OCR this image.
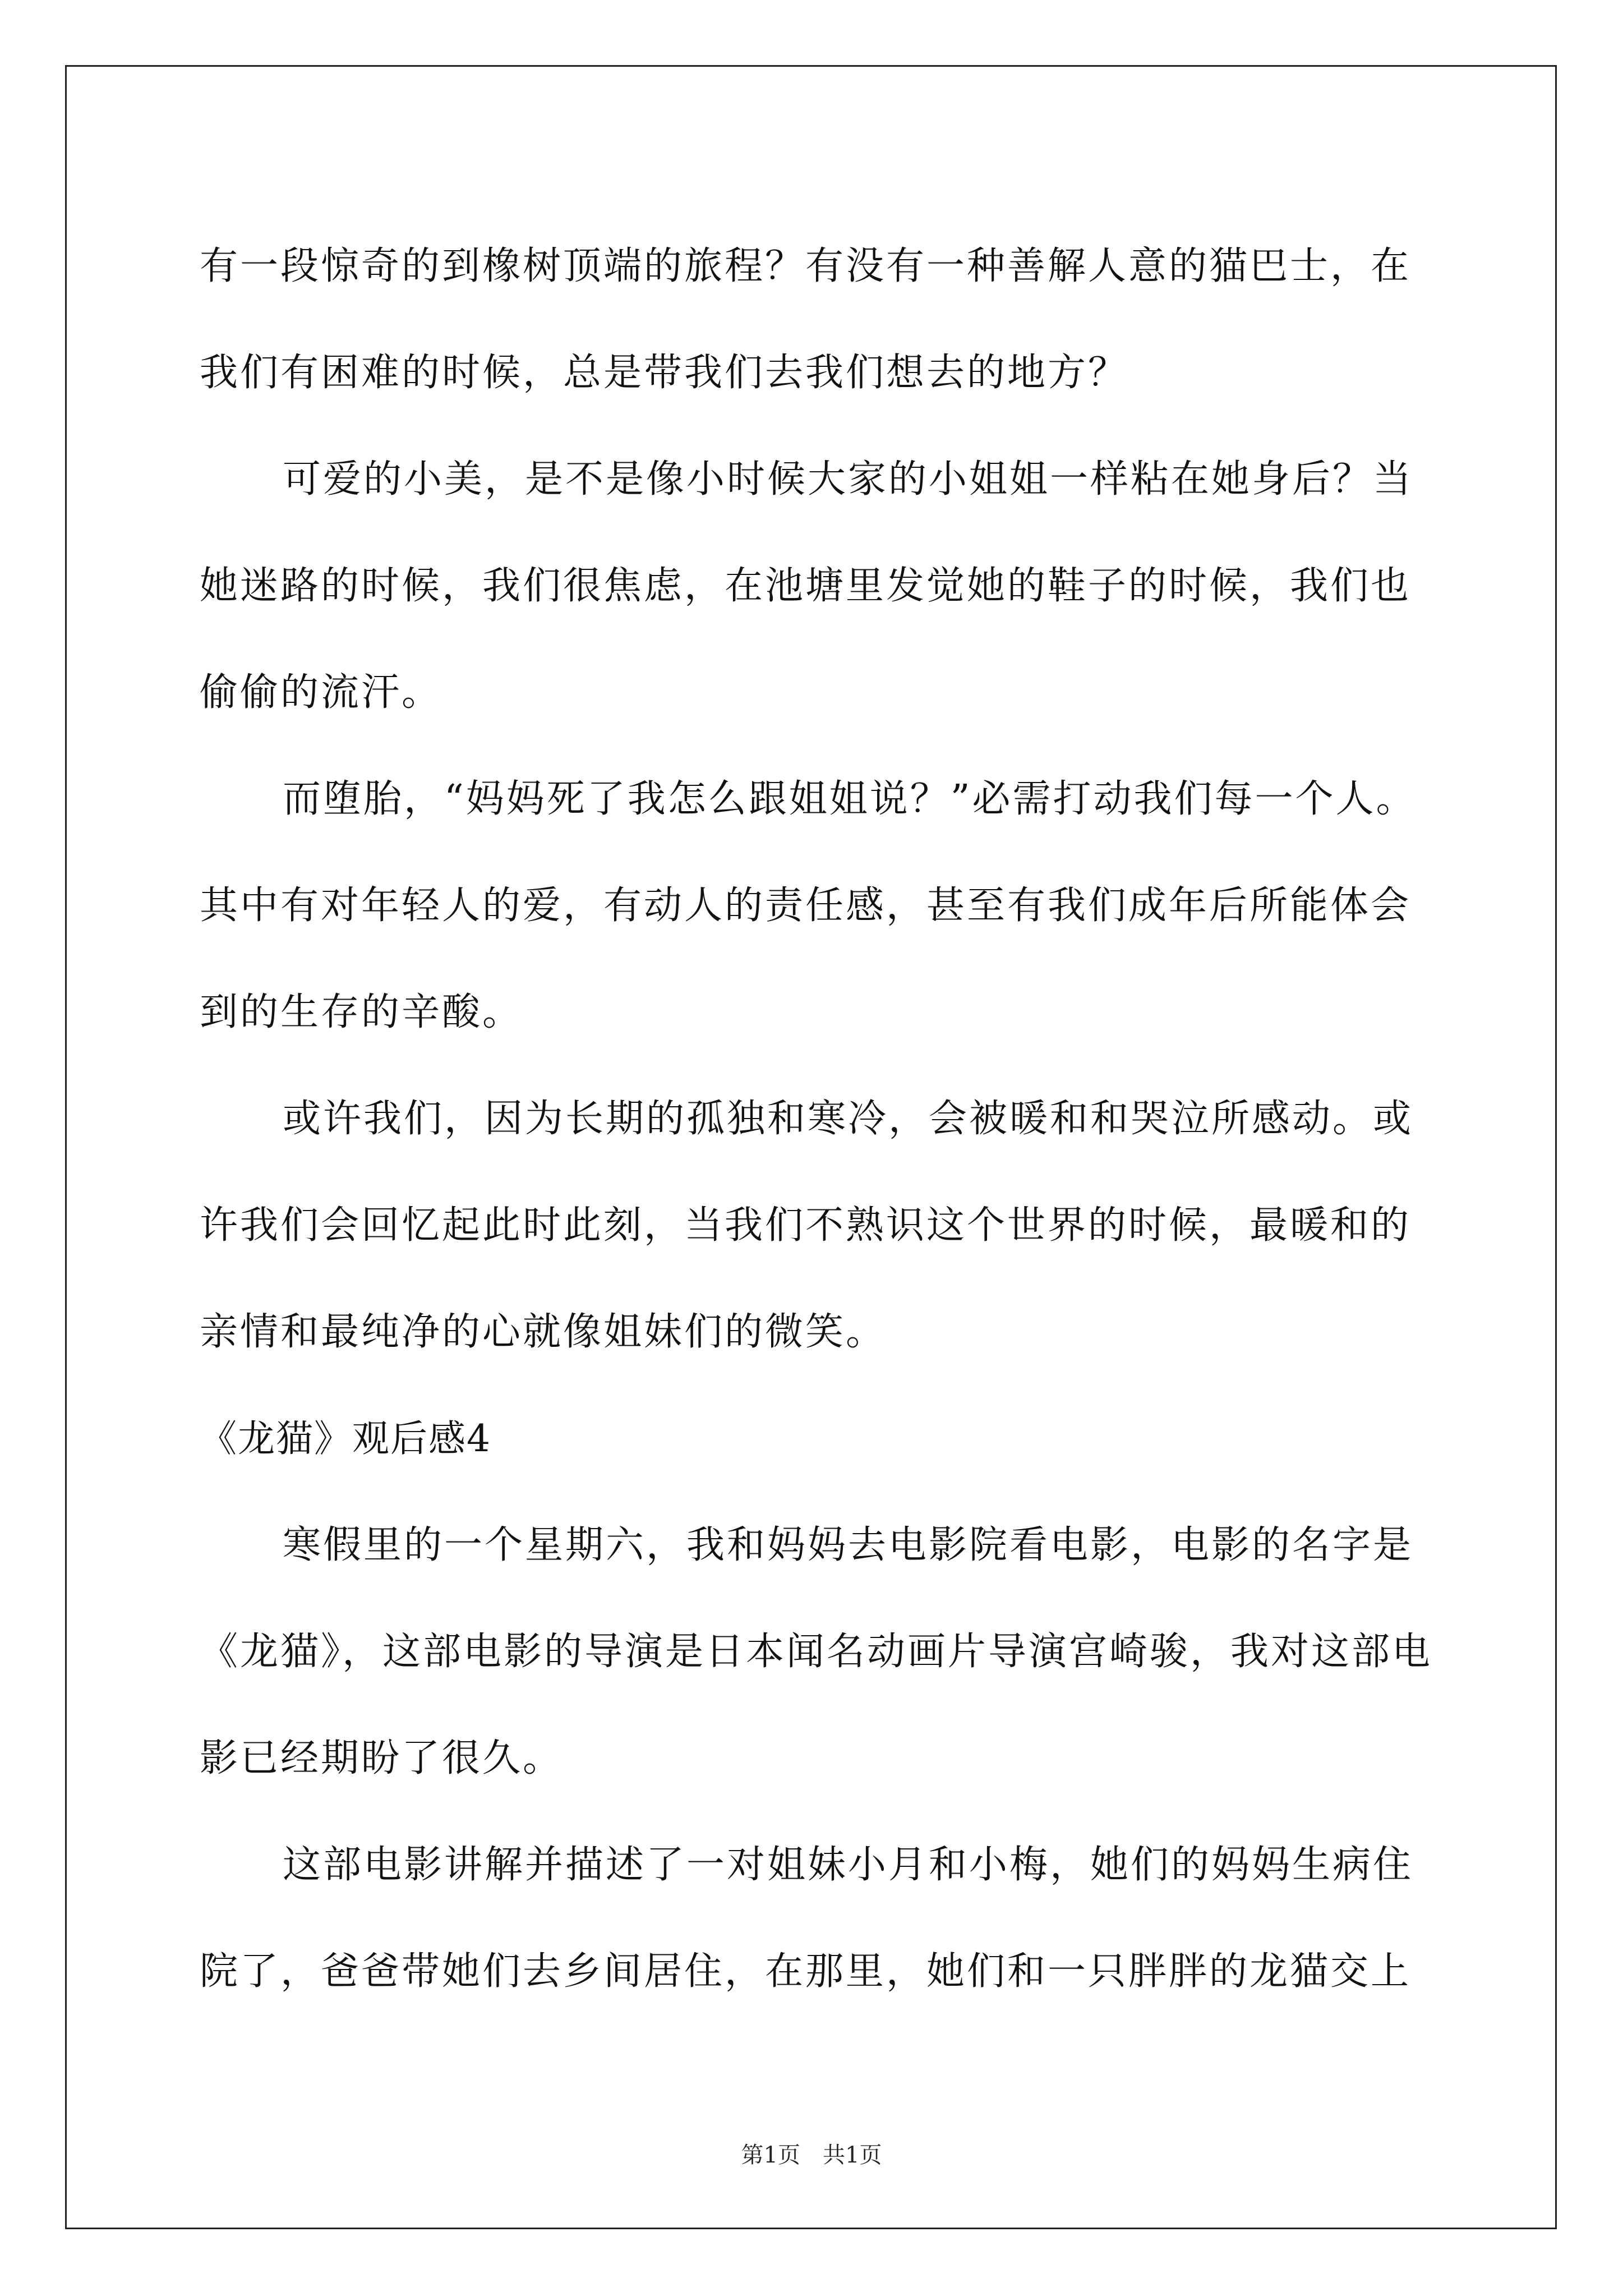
有一段惊奇的到橡树顶端的旅程？有没有一种善解人意的猫巴士，在我们有困难的时候，总是带我们去我们想去的地方？

可爱的小美，是不是像小时候大家的小姐姐一样粘在她身后？当她迷路的时候，我们很焦虑，在池塘里发觉她的鞋子的时候，我们也偷偷的流汗。

而堕胎，“妈妈死了我怎么跟姐姐说？”必需打动我们每一个人。其中有对年轻人的爱，有动人的责任感，甚至有我们成年后所能体会到的生存的辛酸。

或许我们，因为长期的孤独和寒冷，会被暖和和哭泣所感动。或许我们会回忆起此时此刻，当我们不熟识这个世界的时候，最暖和的亲情和最纯净的心就像姐妹们的微笑。

《龙猫》观后感4

寒假里的一个星期六，我和妈妈去电影院看电影，电影的名字是《龙猫》，这部电影的导演是日本闻名动画片导演宫崎骏，我对这部电影已经期盼了很久。

这部电影讲解并描述了一对姐妹小月和小梅，她们的妈妈生病住院了，爸爸带她们去乡间居住，在那里，她们和一只胖胖的龙猫交上

第1页　共1页
